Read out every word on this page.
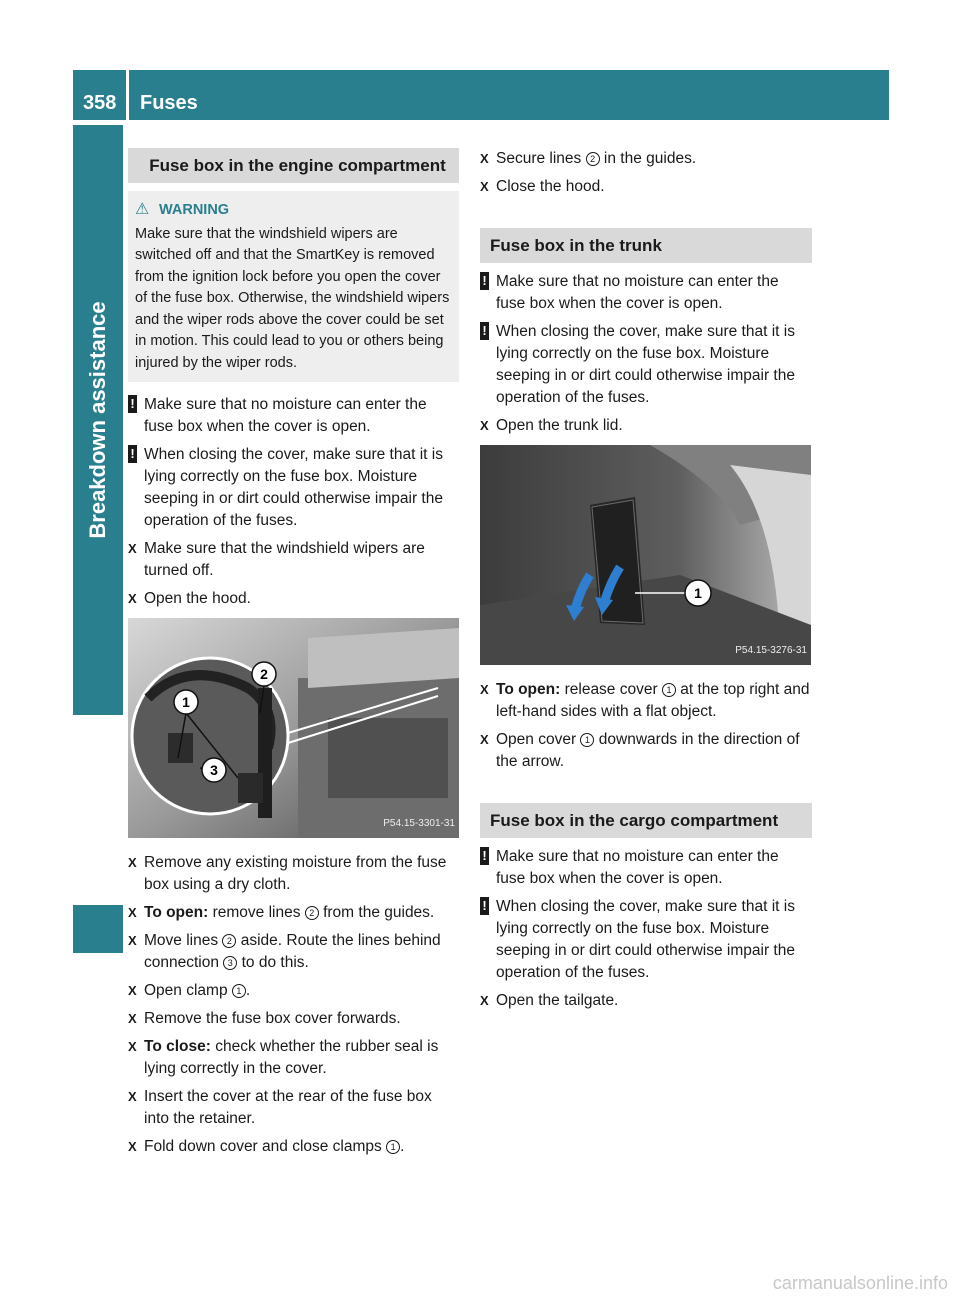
358	Fuses
Breakdown assistance
Fuse box in the engine compartment
⚠ WARNING
Make sure that the windshield wipers are switched off and that the SmartKey is removed from the ignition lock before you open the cover of the fuse box. Otherwise, the windshield wipers and the wiper rods above the cover could be set in motion. This could lead to you or others being injured by the wiper rods.
! Make sure that no moisture can enter the fuse box when the cover is open.
! When closing the cover, make sure that it is lying correctly on the fuse box. Moisture seeping in or dirt could otherwise impair the operation of the fuses.
X Make sure that the windshield wipers are turned off.
X Open the hood.
1
2
3
P54.15-3301-31
X Remove any existing moisture from the fuse box using a dry cloth.
X To open: remove lines 2 from the guides.
X Move lines 2 aside. Route the lines behind connection 3 to do this.
X Open clamp 1 .
X Remove the fuse box cover forwards.
X To close: check whether the rubber seal is lying correctly in the cover.
X Insert the cover at the rear of the fuse box into the retainer.
X Fold down cover and close clamps 1 .
X Secure lines 2 in the guides.
X Close the hood.
Fuse box in the trunk
! Make sure that no moisture can enter the fuse box when the cover is open.
! When closing the cover, make sure that it is lying correctly on the fuse box. Moisture seeping in or dirt could otherwise impair the operation of the fuses.
X Open the trunk lid.
1
P54.15-3276-31
X To open: release cover 1 at the top right and left-hand sides with a flat object.
X Open cover 1 downwards in the direction of the arrow.
Fuse box in the cargo compartment
! Make sure that no moisture can enter the fuse box when the cover is open.
! When closing the cover, make sure that it is lying correctly on the fuse box. Moisture seeping in or dirt could otherwise impair the operation of the fuses.
X Open the tailgate.
carmanualsonline.info
